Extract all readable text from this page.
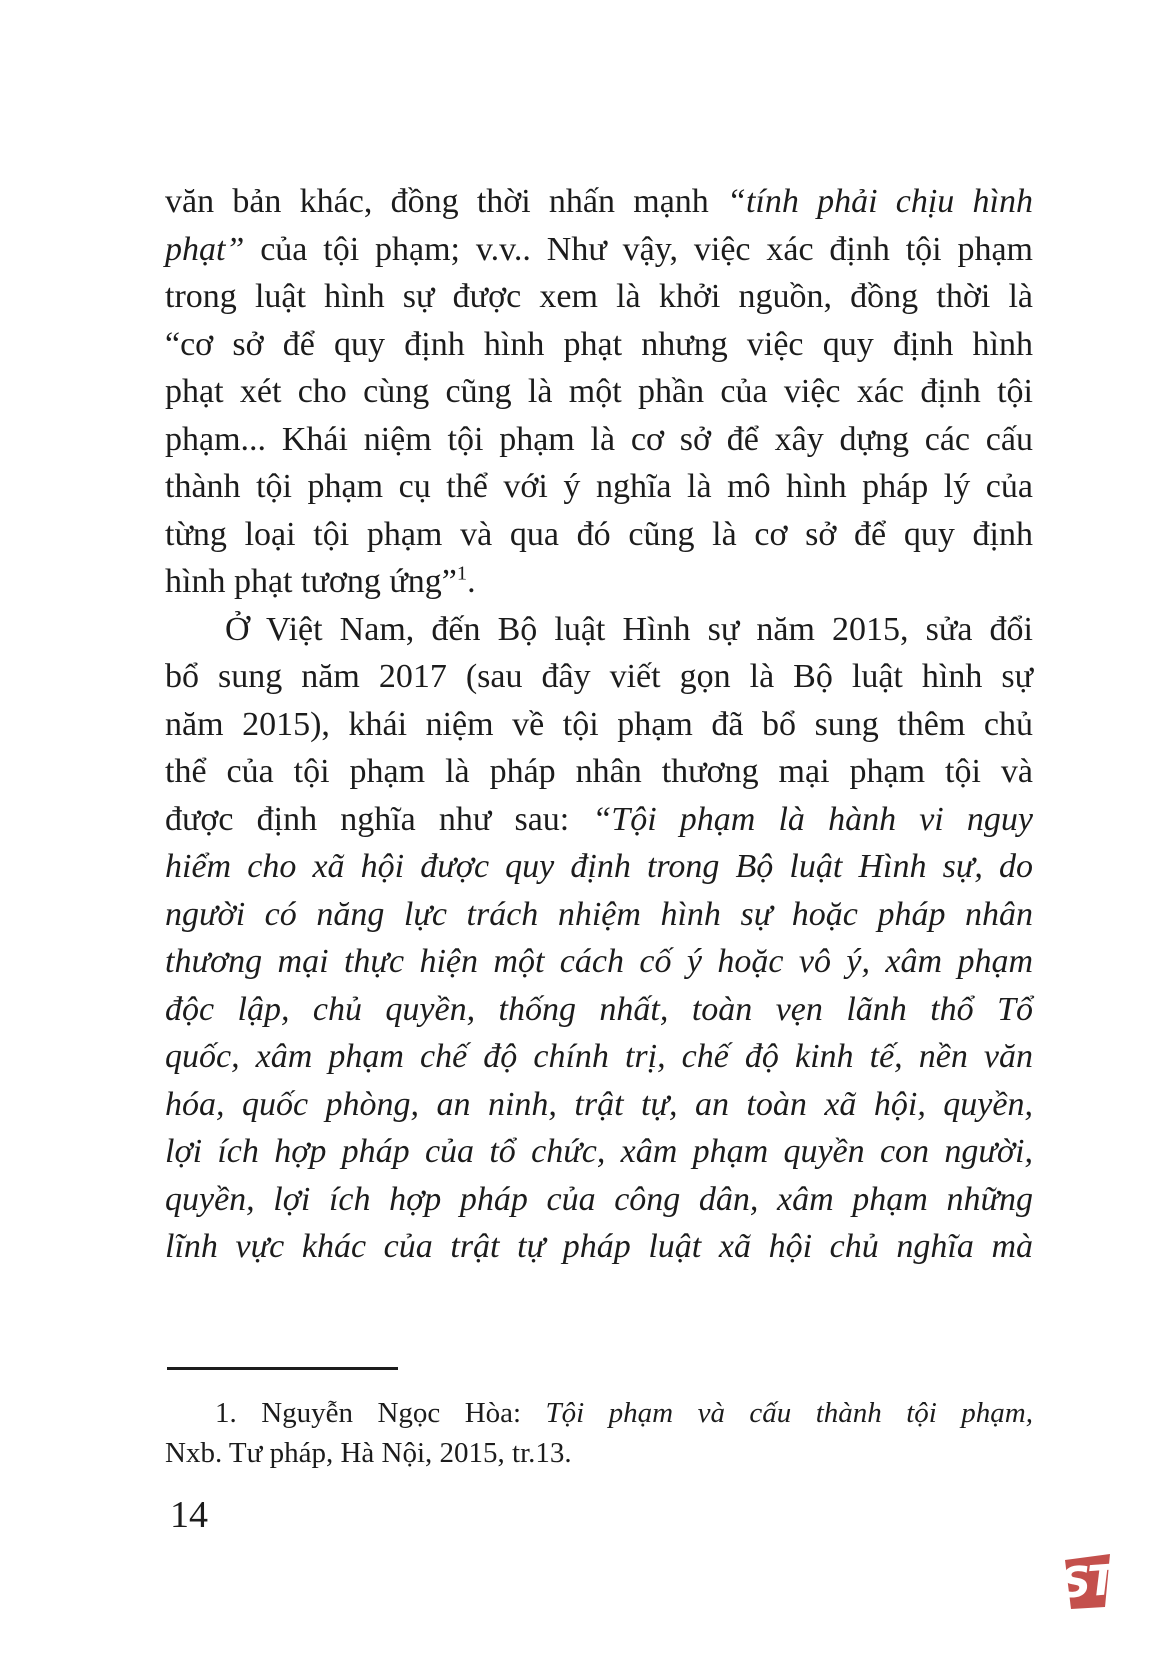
văn bản khác, đồng thời nhấn mạnh “tính phải chịu hình
phạt” của tội phạm; v.v.. Như vậy, việc xác định tội phạm
trong luật hình sự được xem là khởi nguồn, đồng thời là
“cơ sở để quy định hình phạt nhưng việc quy định hình
phạt xét cho cùng cũng là một phần của việc xác định tội
phạm... Khái niệm tội phạm là cơ sở để xây dựng các cấu
thành tội phạm cụ thể với ý nghĩa là mô hình pháp lý của
từng loại tội phạm và qua đó cũng là cơ sở để quy định
hình phạt tương ứng”$^1$.
Ở Việt Nam, đến Bộ luật Hình sự năm 2015, sửa đổi
bổ sung năm 2017 (sau đây viết gọn là Bộ luật hình sự
năm 2015), khái niệm về tội phạm đã bổ sung thêm chủ
thể của tội phạm là pháp nhân thương mại phạm tội và
được định nghĩa như sau: “Tội phạm là hành vi nguy
hiểm cho xã hội được quy định trong Bộ luật Hình sự, do
người có năng lực trách nhiệm hình sự hoặc pháp nhân
thương mại thực hiện một cách cố ý hoặc vô ý, xâm phạm
độc lập, chủ quyền, thống nhất, toàn vẹn lãnh thổ Tổ
quốc, xâm phạm chế độ chính trị, chế độ kinh tế, nền văn
hóa, quốc phòng, an ninh, trật tự, an toàn xã hội, quyền,
lợi ích hợp pháp của tổ chức, xâm phạm quyền con người,
quyền, lợi ích hợp pháp của công dân, xâm phạm những
lĩnh vực khác của trật tự pháp luật xã hội chủ nghĩa mà
1. Nguyễn Ngọc Hòa: Tội phạm và cấu thành tội phạm,
Nxb. Tư pháp, Hà Nội, 2015, tr.13.
14
ST
